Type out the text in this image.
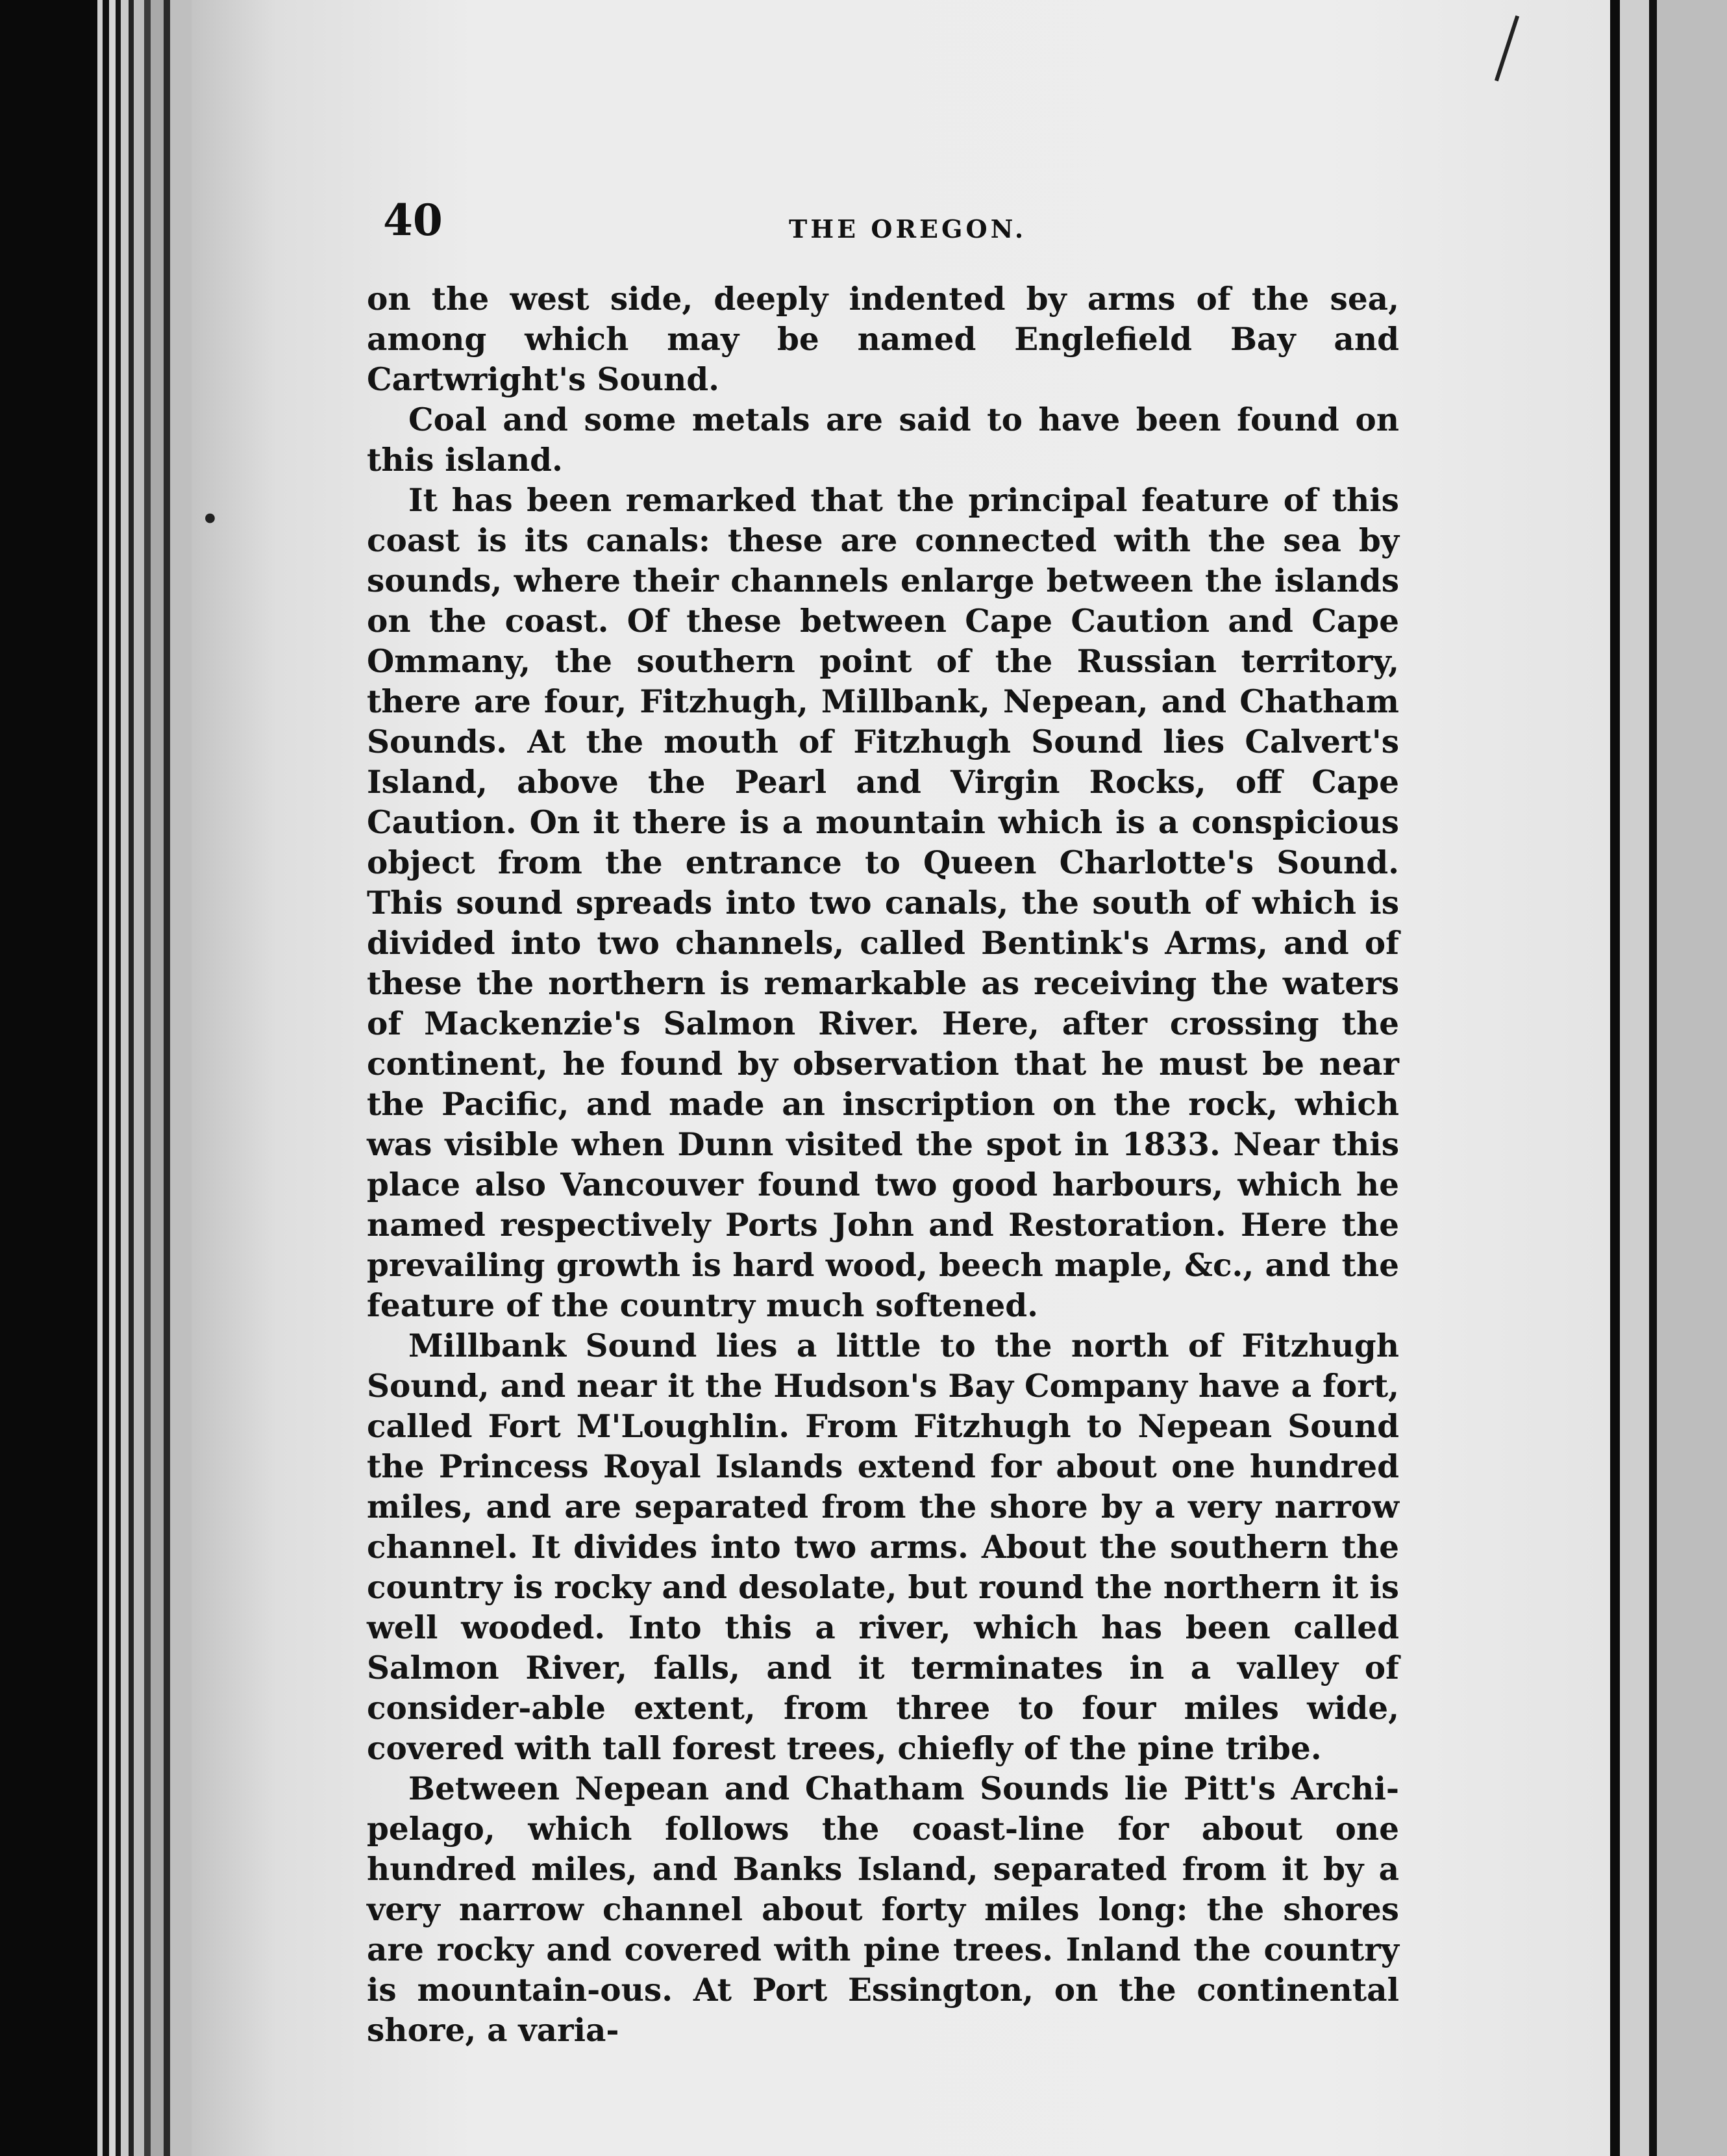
•
40	THE OREGON.

on the west side, deeply indented by arms of the sea, among which may be named Englefield Bay and Cartwright's Sound.

Coal and some metals are said to have been found on this island.

It has been remarked that the principal feature of this coast is its canals: these are connected with the sea by sounds, where their channels enlarge between the islands on the coast. Of these between Cape Caution and Cape Ommany, the southern point of the Russian territory, there are four, Fitzhugh, Millbank, Nepean, and Chatham Sounds. At the mouth of Fitzhugh Sound lies Calvert's Island, above the Pearl and Virgin Rocks, off Cape Caution. On it there is a mountain which is a conspicious object from the entrance to Queen Charlotte's Sound. This sound spreads into two canals, the south of which is divided into two channels, called Bentink's Arms, and of these the northern is remarkable as receiving the waters of Mackenzie's Salmon River. Here, after crossing the continent, he found by observation that he must be near the Pacific, and made an inscription on the rock, which was visible when Dunn visited the spot in 1833. Near this place also Vancouver found two good harbours, which he named respectively Ports John and Restoration. Here the prevailing growth is hard wood, beech maple, &c., and the feature of the country much softened.

Millbank Sound lies a little to the north of Fitzhugh Sound, and near it the Hudson's Bay Company have a fort, called Fort M'Loughlin. From Fitzhugh to Nepean Sound the Princess Royal Islands extend for about one hundred miles, and are separated from the shore by a very narrow channel. It divides into two arms. About the southern the country is rocky and desolate, but round the northern it is well wooded. Into this a river, which has been called Salmon River, falls, and it terminates in a valley of consider-able extent, from three to four miles wide, covered with tall forest trees, chiefly of the pine tribe.

Between Nepean and Chatham Sounds lie Pitt's Archi-pelago, which follows the coast-line for about one hundred miles, and Banks Island, separated from it by a very narrow channel about forty miles long: the shores are rocky and covered with pine trees. Inland the country is mountain-ous. At Port Essington, on the continental shore, a varia-
